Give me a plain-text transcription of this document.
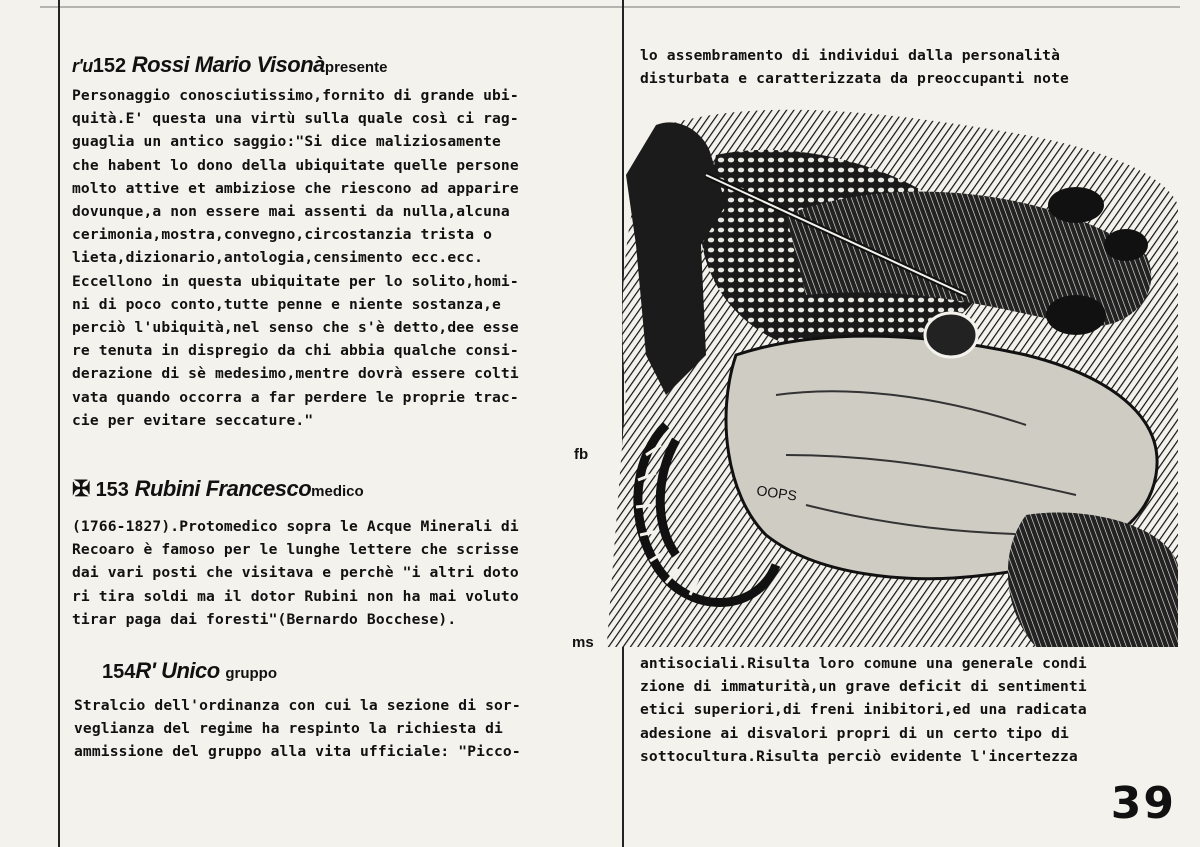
r'u152 Rossi Mario Visonàpresente
Personaggio conosciutissimo,fornito di grande ubi-
quità.E' questa una virtù sulla quale così ci rag-
guaglia un antico saggio:"Si dice maliziosamente
che habent lo dono della ubiquitate quelle persone
molto attive et ambiziose che riescono ad apparire
dovunque,a non essere mai assenti da nulla,alcuna
cerimonia,mostra,convegno,circostanzia trista o
lieta,dizionario,antologia,censimento ecc.ecc.
Eccellono in questa ubiquitate per lo solito,homi-
ni di poco conto,tutte penne e niente sostanza,e
perciò l'ubiquità,nel senso che s'è detto,dee esse
re tenuta in dispregio da chi abbia qualche consi-
derazione di sè medesimo,mentre dovrà essere colti
vata quando occorra a far perdere le proprie trac-
cie per evitare seccature."
fb
✠ 153 Rubini Francescomedico
(1766-1827).Protomedico sopra le Acque Minerali di
Recoaro è famoso per le lunghe lettere che scrisse
dai vari posti che visitava e perchè "i altri doto
ri tira soldi ma il dotor Rubini non ha mai voluto
tirar paga dai foresti"(Bernardo Bocchese).
ms
154R' Unico gruppo
Stralcio dell'ordinanza con cui la sezione di sor-
veglianza del regime ha respinto la richiesta di
ammissione del gruppo alla vita ufficiale: "Picco-
lo assembramento di individui dalla personalità
disturbata e caratterizzata da preoccupanti note
OOPS
antisociali.Risulta loro comune una generale condi
zione di immaturità,un grave deficit di sentimenti
etici superiori,di freni inibitori,ed una radicata
adesione ai disvalori propri di un certo tipo di
sottocultura.Risulta perciò evidente l'incertezza
39
